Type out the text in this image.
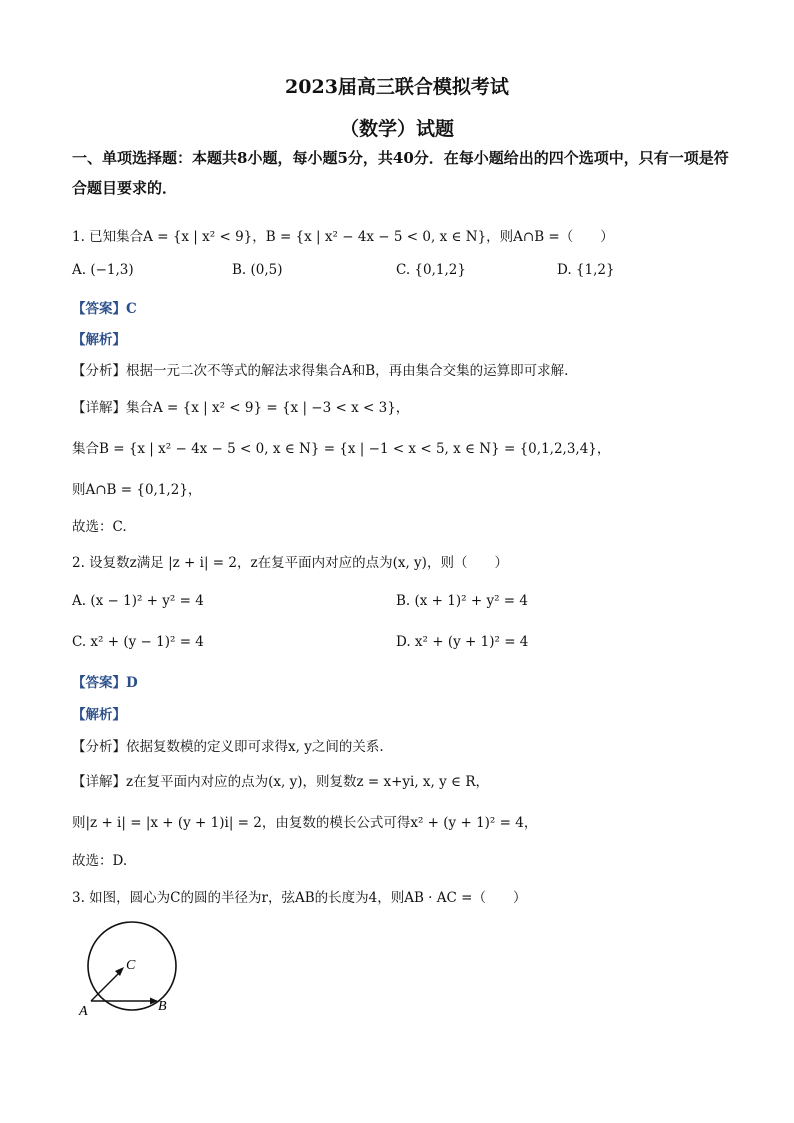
2023届高三联合模拟考试
（数学）试题
一、单项选择题：本题共8小题，每小题5分，共40分．在每小题给出的四个选项中，只有一项是符合题目要求的．
1. 已知集合A = {x | x² < 9}，B = {x | x² − 4x − 5 < 0, x ∈ N}，则A∩B =（　　）
A. (−1,3)	B. (0,5)	C. {0,1,2}	D. {1,2}
【答案】C
【解析】
【分析】根据一元二次不等式的解法求得集合A和B，再由集合交集的运算即可求解.
【详解】集合A = {x | x² < 9} = {x | −3 < x < 3}，
集合B = {x | x² − 4x − 5 < 0, x ∈ N} = {x | −1 < x < 5, x ∈ N} = {0,1,2,3,4}，
则A∩B = {0,1,2}，
故选：C.
2. 设复数z满足 |z + i| = 2，z在复平面内对应的点为(x, y)，则（　　）
A. (x − 1)² + y² = 4	B. (x + 1)² + y² = 4
C. x² + (y − 1)² = 4	D. x² + (y + 1)² = 4
【答案】D
【解析】
【分析】依据复数模的定义即可求得x, y之间的关系.
【详解】z在复平面内对应的点为(x, y)，则复数z = x+yi, x, y ∈ R，
则|z + i| = |x + (y + 1)i| = 2，由复数的模长公式可得x² + (y + 1)² = 4，
故选：D.
3. 如图，圆心为C的圆的半径为r，弦AB的长度为4，则AB · AC =（　　）
C
A	B
